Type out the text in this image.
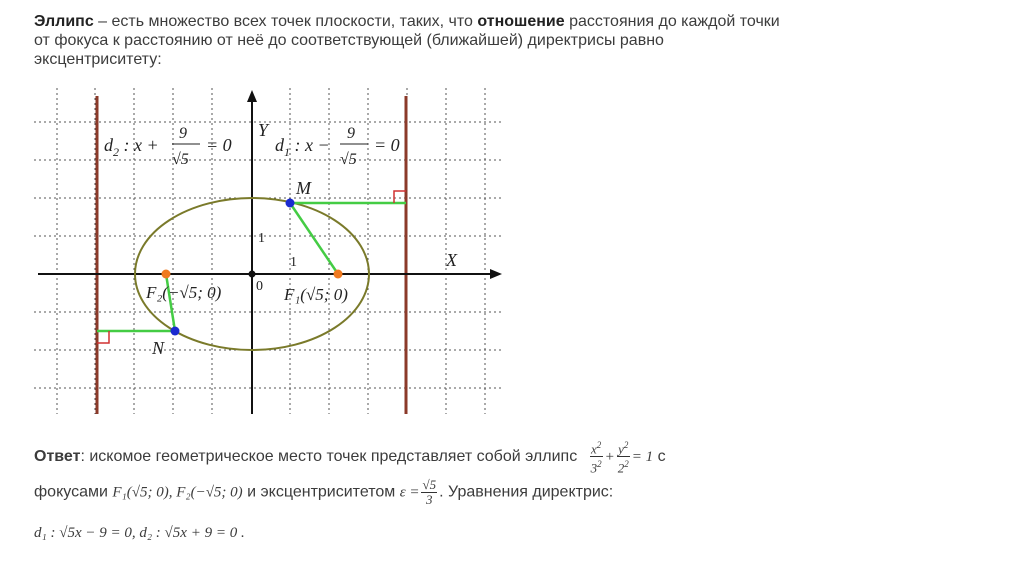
Эллипс – есть множество всех точек плоскости, таких, что отношение расстояния до каждой точки от фокуса к расстоянию от неё до соответствующей (ближайшей) директрисы равно эксцентриситету:
$d_2$ : x +
9
√5
= 0 $d_1$ : x −
9
√5
= 0
Y
X
M
N
F₂(−√5; 0)	F₁(√5; 0)
0
1
1
Ответ: искомое геометрическое место точек представляет собой эллипс $\frac{x^2}{3^2} + \frac{y^2}{2^2} = 1$ с
фокусами F₁(√5; 0), F₂(−√5; 0) и эксцентриситетом $\varepsilon = \frac{√5}{3}$ . Уравнения директрис:
d₁ : √5x − 9 = 0, d₂ : √5x + 9 = 0 .
